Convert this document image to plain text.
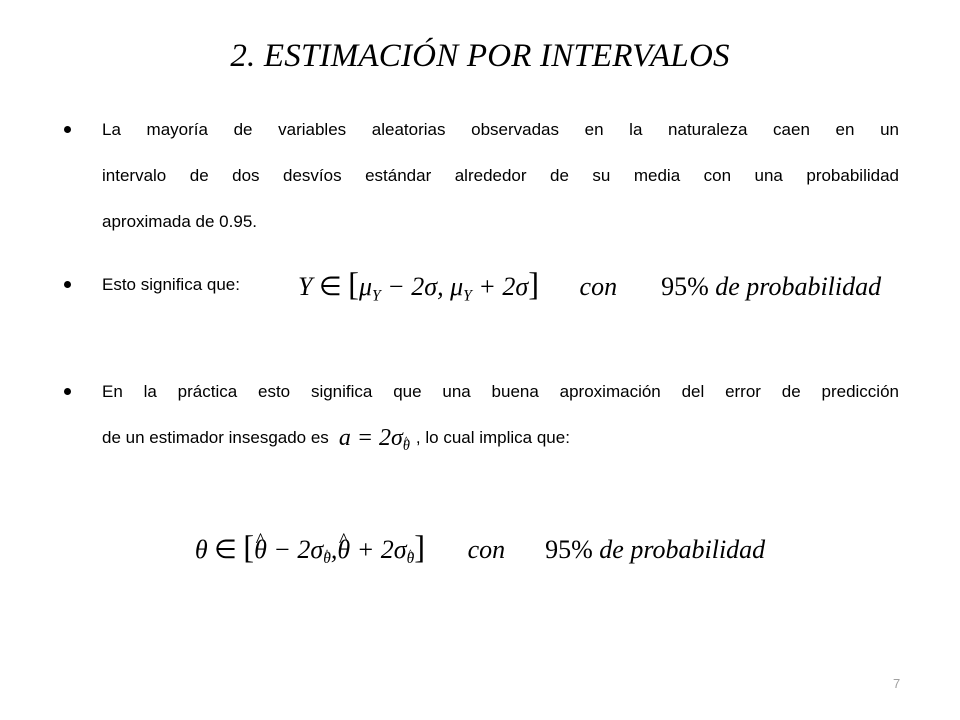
2. ESTIMACIÓN POR INTERVALOS
La mayoría de variables aleatorias observadas en la naturaleza caen en un
intervalo de dos desvíos estándar alrededor de su media con una probabilidad
aproximada de 0.95.
Esto significa que:	Y ∈ [$\mu_Y - 2\sigma$, $\mu_Y + 2\sigma$] con 95% de probabilidad
En la práctica esto significa que una buena aproximación del error de predicción
de un estimador insesgado es a = 2σ^ $_\theta$ , lo cual implica que:
θ ∈ [^ θ − 2σ^ $_\theta$,^ θ + 2σ^ $_\theta$] con 95% de probabilidad
7
